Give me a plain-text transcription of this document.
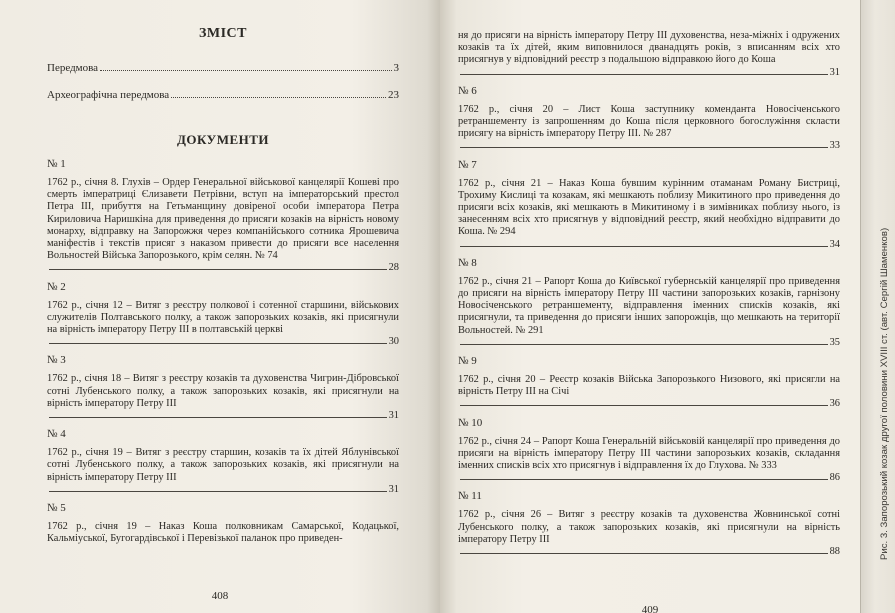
ЗМІСТ
Передмова	3
Археографічна передмова	23
ДОКУМЕНТИ
№ 1
1762 р., січня 8. Глухів – Ордер Генеральної військової канцелярії Кошеві про смерть імператриці Єлизавети Петрівни, вступ на імператорський престол Петра ІІІ, прибуття на Гетьманщину довіреної особи імператора Петра Кириловича Наришкіна для приведення до присяги козаків на вірність новому монарху, відправку на Запорожжя через компанійського сотника Ярошевича маніфестів і текстів присяг з наказом привести до присяги все населення Вольностей Війська Запорозького, крім селян. № 74
28
№ 2
1762 р., січня 12 – Витяг з реєстру полкової і сотенної старшини, військових служителів Полтавського полку, а також запорозьких козаків, які присягнули на вірність імператору Петру ІІІ в полтавській церкві
30
№ 3
1762 р., січня 18 – Витяг з реєстру козаків та духовенства Чигрин-Дібровської сотні Лубенського полку, а також запорозьких козаків, які присягнули на вірність імператору Петру ІІІ
31
№ 4
1762 р., січня 19 – Витяг з реєстру старшин, козаків та їх дітей Яблунівської сотні Лубенського полку, а також запорозьких козаків, які присягнули на вірність імператору Петру ІІІ
31
№ 5
1762 р., січня 19 – Наказ Коша полковникам Самарської, Кодацької, Кальміуської, Бугогардівської і Перевізької паланок про приведен-
408
ня до присяги на вірність імператору Петру ІІІ духовенства, неза-міжніх і одружених козаків та їх дітей, яким виповнилося дванадцять років, з вписанням всіх хто присягнув у відповідний реєстр з подальшою відправкою його до Коша
31
№ 6
1762 р., січня 20 – Лист Коша заступнику коменданта Новосіченського ретраншементу із запрошенням до Коша після церковного богослужіння скласти присягу на вірність імператору Петру ІІІ. № 287
33
№ 7
1762 р., січня 21 – Наказ Коша бувшим курінним отаманам Роману Бистриці, Трохиму Кислиці та козакам, які мешкають поблизу Микитиного про приведення до присяги всіх козаків, які мешкають в Микитиному і в зимівниках поблизу нього, із занесенням всіх хто присягнув у відповідний реєстр, який необхідно відправити до Коша. № 294
34
№ 8
1762 р., січня 21 – Рапорт Коша до Київської губернській канцелярії про приведення до присяги на вірність імператору Петру ІІІ частини запорозьких козаків, гарнізону Новосіченського ретраншементу, відправлення іменних списків козаків, які присягнули, та приведення до присяги інших запорожців, що мешкають на території Вольностей. № 291
35
№ 9
1762 р., січня 20 – Реєстр козаків Війська Запорозького Низового, які присягли на вірність Петру ІІІ на Січі
36
№ 10
1762 р., січня 24 – Рапорт Коша Генеральній військовій канцелярії про приведення до присяги на вірність імператору Петру ІІІ частини запорозьких козаків, складання іменних списків всіх хто присягнув і відправлення їх до Глухова. № 333
86
№ 11
1762 р., січня 26 – Витяг з реєстру козаків та духовенства Жовнинської сотні Лубенського полку, а також запорозьких козаків, які присягнули на вірність імператору Петру ІІІ
88
409
Рис. 3. Запорозький козак другої половини XVIII ст. (авт. Сергій Шаменков)
